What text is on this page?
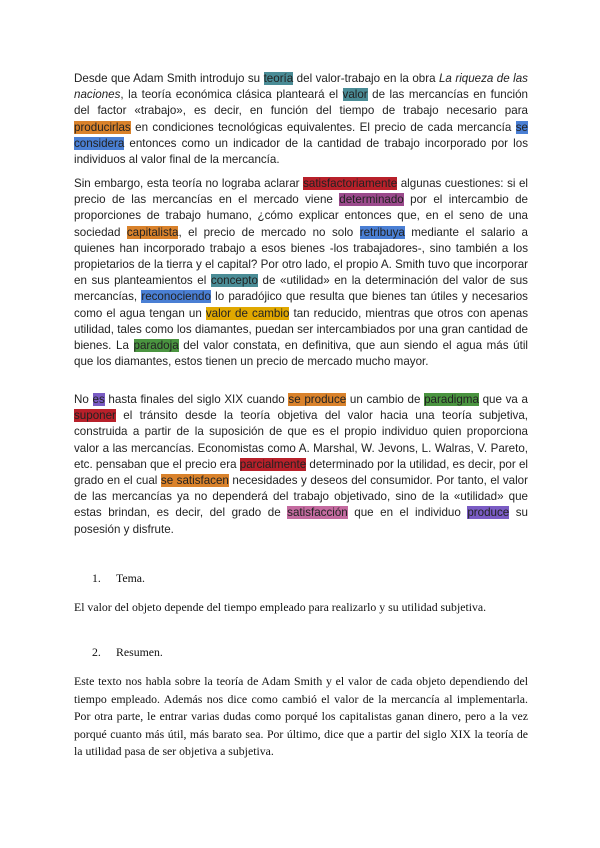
Desde que Adam Smith introdujo su teoría del valor-trabajo en la obra La riqueza de las naciones, la teoría económica clásica planteará el valor de las mercancías en función del factor «trabajo», es decir, en función del tiempo de trabajo necesario para producirlas en condiciones tecnológicas equivalentes. El precio de cada mercancía se considera entonces como un indicador de la cantidad de trabajo incorporado por los individuos al valor final de la mercancía.

Sin embargo, esta teoría no lograba aclarar satisfactoriamente algunas cuestiones: si el precio de las mercancías en el mercado viene determinado por el intercambio de proporciones de trabajo humano, ¿cómo explicar entonces que, en el seno de una sociedad capitalista, el precio de mercado no solo retribuya mediante el salario a quienes han incorporado trabajo a esos bienes -los trabajadores-, sino también a los propietarios de la tierra y el capital? Por otro lado, el propio A. Smith tuvo que incorporar en sus planteamientos el concepto de «utilidad» en la determinación del valor de sus mercancías, reconociendo lo paradójico que resulta que bienes tan útiles y necesarios como el agua tengan un valor de cambio tan reducido, mientras que otros con apenas utilidad, tales como los diamantes, puedan ser intercambiados por una gran cantidad de bienes. La paradoja del valor constata, en definitiva, que aun siendo el agua más útil que los diamantes, estos tienen un precio de mercado mucho mayor.

No es hasta finales del siglo XIX cuando se produce un cambio de paradigma que va a suponer el tránsito desde la teoría objetiva del valor hacia una teoría subjetiva, construida a partir de la suposición de que es el propio individuo quien proporciona valor a las mercancías. Economistas como A. Marshal, W. Jevons, L. Walras, V. Pareto, etc. pensaban que el precio era parcialmente determinado por la utilidad, es decir, por el grado en el cual se satisfacen necesidades y deseos del consumidor. Por tanto, el valor de las mercancías ya no dependerá del trabajo objetivado, sino de la «utilidad» que estas brindan, es decir, del grado de satisfacción que en el individuo produce su posesión y disfrute.

1. Tema.
El valor del objeto depende del tiempo empleado para realizarlo y su utilidad subjetiva.
2. Resumen.
Este texto nos habla sobre la teoría de Adam Smith y el valor de cada objeto dependiendo del tiempo empleado. Además nos dice como cambió el valor de la mercancía al implementarla. Por otra parte, le entrar varias dudas como porqué los capitalistas ganan dinero, pero a la vez porqué cuanto más útil, más barato sea. Por último, dice que a partir del siglo XIX la teoría de la utilidad pasa de ser objetiva a subjetiva.
